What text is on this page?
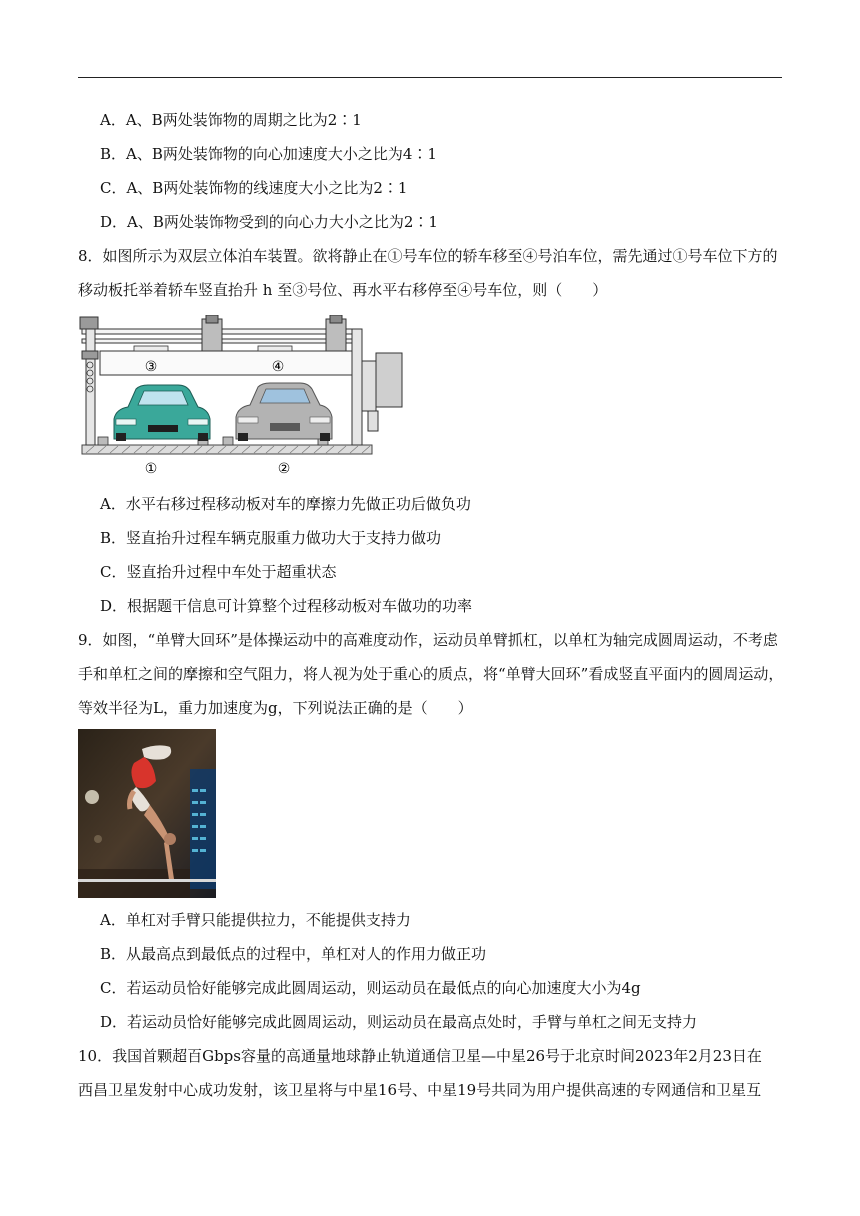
A．A、B两处装饰物的周期之比为2∶1
B．A、B两处装饰物的向心加速度大小之比为4∶1
C．A、B两处装饰物的线速度大小之比为2∶1
D．A、B两处装饰物受到的向心力大小之比为2∶1
8．如图所示为双层立体泊车装置。欲将静止在①号车位的轿车移至④号泊车位，需先通过①号车位下方的
移动板托举着轿车竖直抬升 h 至③号位、再水平右移停至④号车位，则（　　）
③	④
①	②
A．水平右移过程移动板对车的摩擦力先做正功后做负功
B．竖直抬升过程车辆克服重力做功大于支持力做功
C．竖直抬升过程中车处于超重状态
D．根据题干信息可计算整个过程移动板对车做功的功率
9．如图，“单臂大回环”是体操运动中的高难度动作，运动员单臂抓杠，以单杠为轴完成圆周运动，不考虑
手和单杠之间的摩擦和空气阻力，将人视为处于重心的质点，将“单臂大回环”看成竖直平面内的圆周运动，
等效半径为L，重力加速度为g，下列说法正确的是（　　）
A．单杠对手臂只能提供拉力，不能提供支持力
B．从最高点到最低点的过程中，单杠对人的作用力做正功
C．若运动员恰好能够完成此圆周运动，则运动员在最低点的向心加速度大小为4g
D．若运动员恰好能够完成此圆周运动，则运动员在最高点处时，手臂与单杠之间无支持力
10．我国首颗超百Gbps容量的高通量地球静止轨道通信卫星—中星26号于北京时间2023年2月23日在
西昌卫星发射中心成功发射，该卫星将与中星16号、中星19号共同为用户提供高速的专网通信和卫星互
